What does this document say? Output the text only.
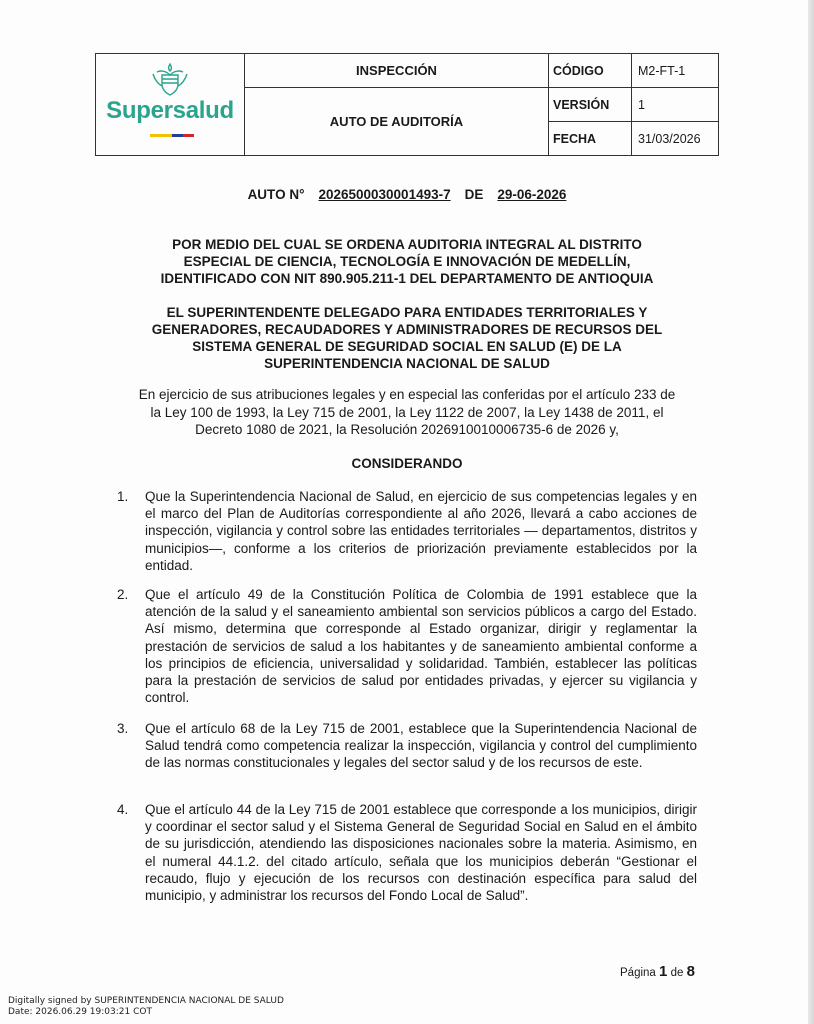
Supersalud	INSPECCIÓN	CÓDIGO	M2-FT-1
	AUTO DE AUDITORÍA	VERSIÓN	1
		FECHA	31/03/2026
AUTO N° 2026500030001493-7 DE 29-06-2026
POR MEDIO DEL CUAL SE ORDENA AUDITORIA INTEGRAL AL DISTRITO
ESPECIAL DE CIENCIA, TECNOLOGÍA E INNOVACIÓN DE MEDELLÍN,
IDENTIFICADO CON NIT 890.905.211-1 DEL DEPARTAMENTO DE ANTIOQUIA
EL SUPERINTENDENTE DELEGADO PARA ENTIDADES TERRITORIALES Y
GENERADORES, RECAUDADORES Y ADMINISTRADORES DE RECURSOS DEL
SISTEMA GENERAL DE SEGURIDAD SOCIAL EN SALUD (E) DE LA
SUPERINTENDENCIA NACIONAL DE SALUD
En ejercicio de sus atribuciones legales y en especial las conferidas por el artículo 233 de
la Ley 100 de 1993, la Ley 715 de 2001, la Ley 1122 de 2007, la Ley 1438 de 2011, el
Decreto 1080 de 2021, la Resolución 2026910010006735-6 de 2026 y,
CONSIDERANDO
1. Que la Superintendencia Nacional de Salud, en ejercicio de sus competencias legales y en el marco del Plan de Auditorías correspondiente al año 2026, llevará a cabo acciones de inspección, vigilancia y control sobre las entidades territoriales — departamentos, distritos y municipios—, conforme a los criterios de priorización previamente establecidos por la entidad.
2. Que el artículo 49 de la Constitución Política de Colombia de 1991 establece que la atención de la salud y el saneamiento ambiental son servicios públicos a cargo del Estado. Así mismo, determina que corresponde al Estado organizar, dirigir y reglamentar la prestación de servicios de salud a los habitantes y de saneamiento ambiental conforme a los principios de eficiencia, universalidad y solidaridad. También, establecer las políticas para la prestación de servicios de salud por entidades privadas, y ejercer su vigilancia y control.
3. Que el artículo 68 de la Ley 715 de 2001, establece que la Superintendencia Nacional de Salud tendrá como competencia realizar la inspección, vigilancia y control del cumplimiento de las normas constitucionales y legales del sector salud y de los recursos de este.
4. Que el artículo 44 de la Ley 715 de 2001 establece que corresponde a los municipios, dirigir y coordinar el sector salud y el Sistema General de Seguridad Social en Salud en el ámbito de su jurisdicción, atendiendo las disposiciones nacionales sobre la materia. Asimismo, en el numeral 44.1.2. del citado artículo, señala que los municipios deberán “Gestionar el recaudo, flujo y ejecución de los recursos con destinación específica para salud del municipio, y administrar los recursos del Fondo Local de Salud”.
Página 1 de 8
Digitally signed by SUPERINTENDENCIA NACIONAL DE SALUD
Date: 2026.06.29 19:03:21 COT
